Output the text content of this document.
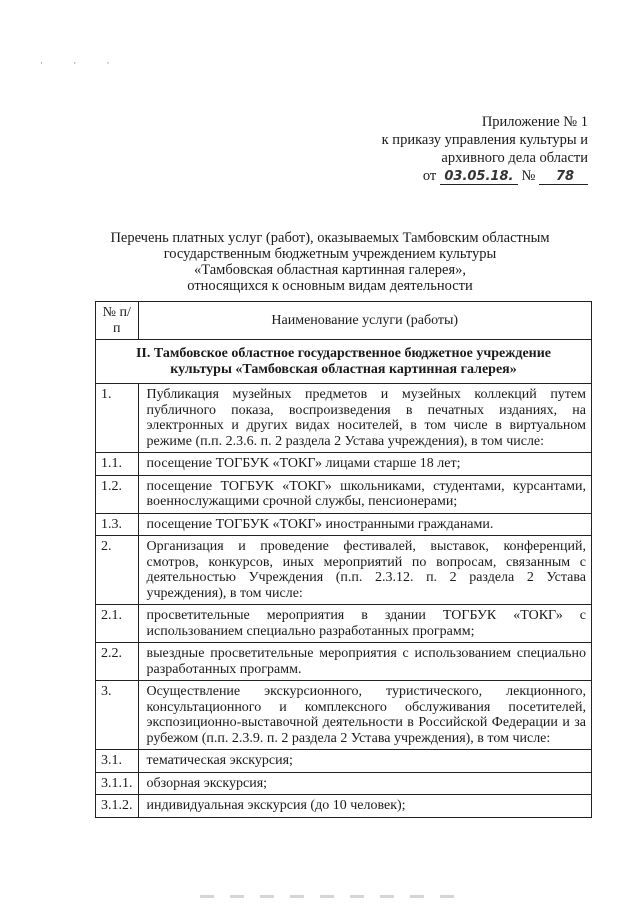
· · ·
Приложение № 1
к приказу управления культуры и
архивного дела области
от 03.05.18. № 78
Перечень платных услуг (работ), оказываемых Тамбовским областным
государственным бюджетным учреждением культуры
«Тамбовская областная картинная галерея»,
относящихся к основным видам деятельности
№ п/п	Наименование услуги (работы)
II. Тамбовское областное государственное бюджетное учреждение культуры «Тамбовская областная картинная галерея»	
1.	Публикация музейных предметов и музейных коллекций путем публичного показа, воспроизведения в печатных изданиях, на электронных и других видах носителей, в том числе в виртуальном режиме (п.п. 2.3.6. п. 2 раздела 2 Устава учреждения), в том числе:
1.1.	посещение ТОГБУК «ТОКГ» лицами старше 18 лет;
1.2.	посещение ТОГБУК «ТОКГ» школьниками, студентами, курсантами, военнослужащими срочной службы, пенсионерами;
1.3.	посещение ТОГБУК «ТОКГ» иностранными гражданами.
2.	Организация и проведение фестивалей, выставок, конференций, смотров, конкурсов, иных мероприятий по вопросам, связанным с деятельностью Учреждения (п.п. 2.3.12. п. 2 раздела 2 Устава учреждения), в том числе:
2.1.	просветительные мероприятия в здании ТОГБУК «ТОКГ» с использованием специально разработанных программ;
2.2.	выездные просветительные мероприятия с использованием специально разработанных программ.
3.	Осуществление экскурсионного, туристического, лекционного, консультационного и комплексного обслуживания посетителей, экспозиционно-выставочной деятельности в Российской Федерации и за рубежом (п.п. 2.3.9. п. 2 раздела 2 Устава учреждения), в том числе:
3.1.	тематическая экскурсия;
3.1.1.	обзорная экскурсия;
3.1.2.	индивидуальная экскурсия (до 10 человек);
